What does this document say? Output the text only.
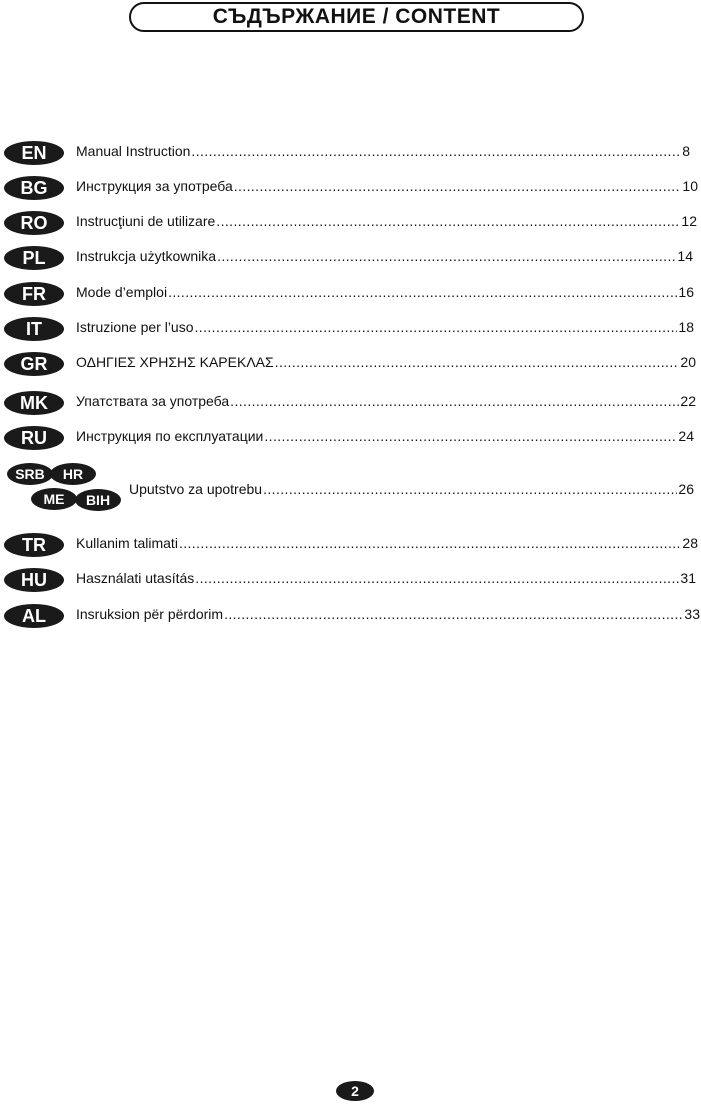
СЪДЪРЖАНИЕ / CONTENT
EN	Manual Instruction .....	8
BG	Инструкция за употреба .....	10
RO	Instrucţiuni de utilizare .....	12
PL	Instrukcja użytkownika .....	14
FR	Mode d’emploi .....	16
IT	Istruzione per l’uso .....	18
GR	ΟΔΗΓΙΕΣ ΧΡΗΣΗΣ ΚΑΡΕΚΛΑΣ .....	20
MK	Упатствата за употреба .....	22
RU	Инструкция по експлуатации .....	24
SRB	HR
ME	BIH
Uputstvo za upotrebu .....	26
TR	Kullanim talimati .....	28
HU	Használati utasítás .....	31
AL	Insruksion për përdorim .....	33
2
